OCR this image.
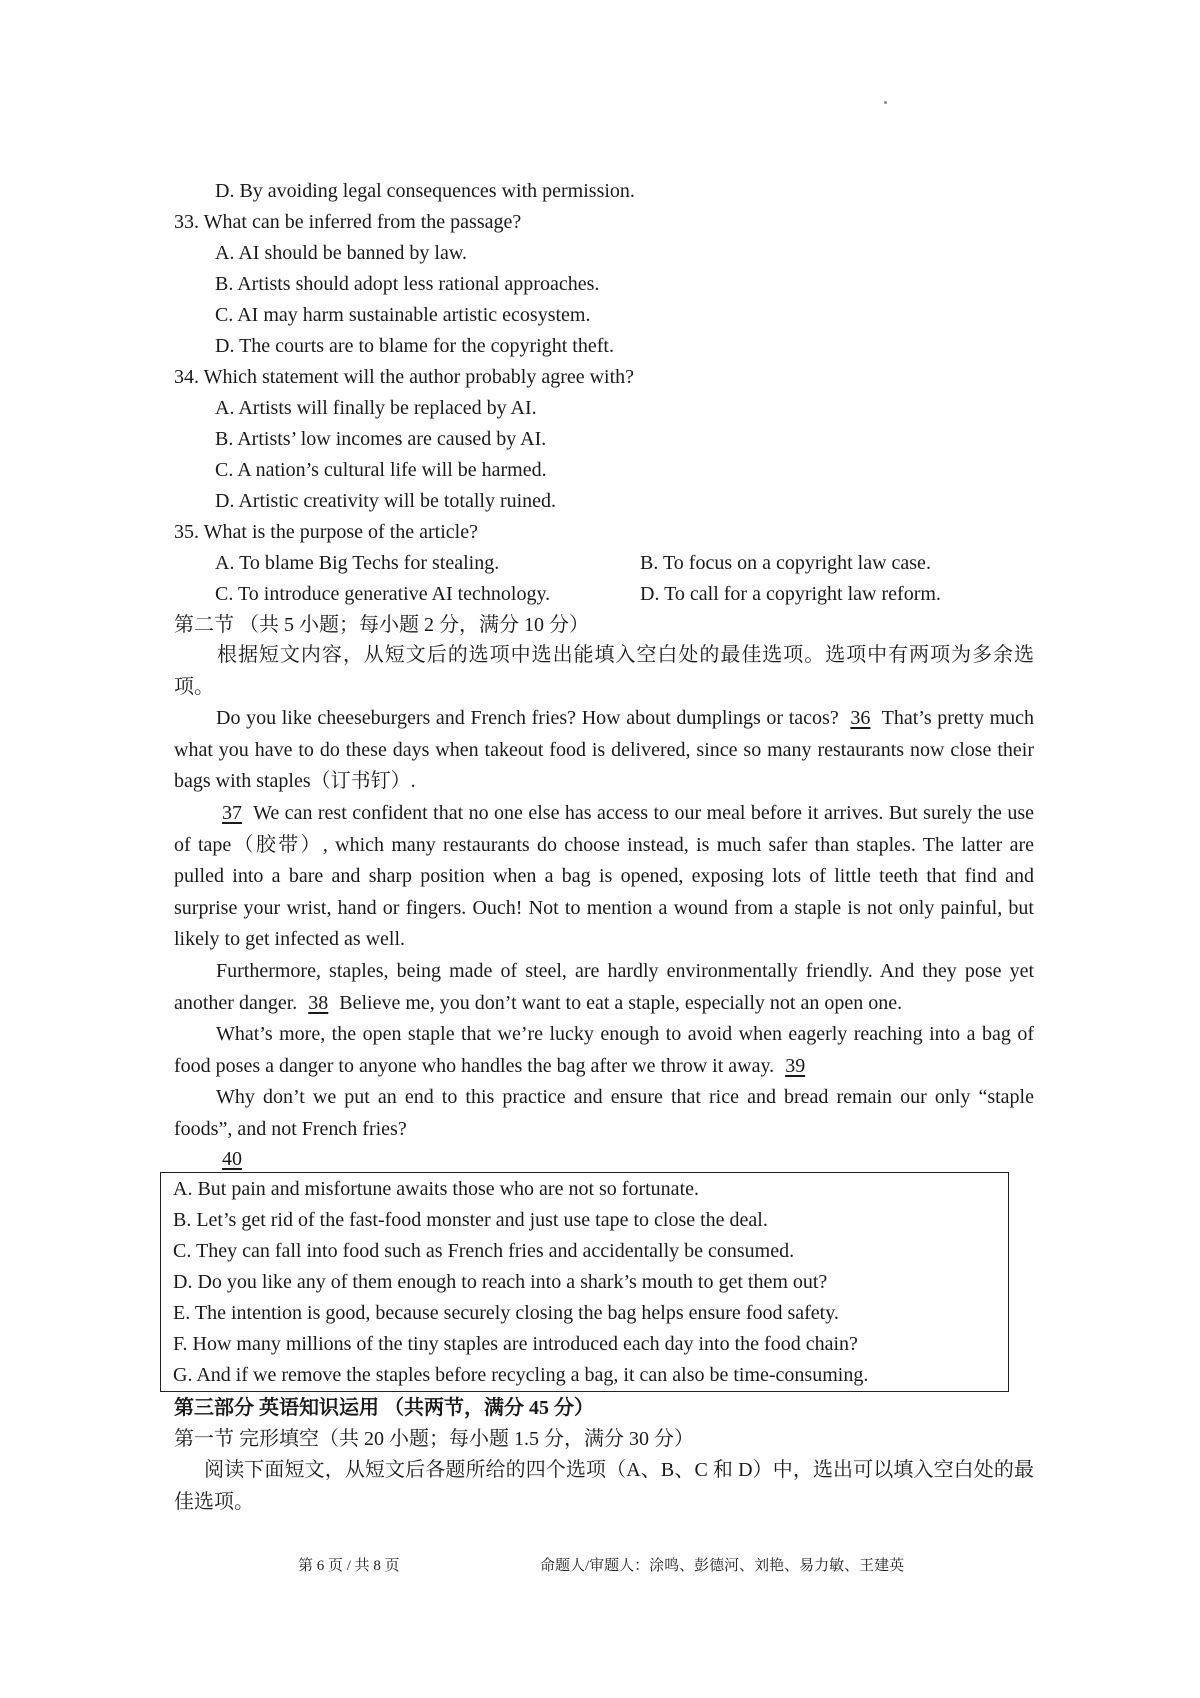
D. By avoiding legal consequences with permission.
33. What can be inferred from the passage?
A. AI should be banned by law.
B. Artists should adopt less rational approaches.
C. AI may harm sustainable artistic ecosystem.
D. The courts are to blame for the copyright theft.
34. Which statement will the author probably agree with?
A. Artists will finally be replaced by AI.
B. Artists’ low incomes are caused by AI.
C. A nation’s cultural life will be harmed.
D. Artistic creativity will be totally ruined.
35. What is the purpose of the article?
A. To blame Big Techs for stealing.	B. To focus on a copyright law case.
C. To introduce generative AI technology.	D. To call for a copyright law reform.
第二节 （共 5 小题；每小题 2 分，满分 10 分）
根据短文内容，从短文后的选项中选出能填入空白处的最佳选项。选项中有两项为多余选项。
Do you like cheeseburgers and French fries? How about dumplings or tacos? 36 That’s pretty much what you have to do these days when takeout food is delivered, since so many restaurants now close their bags with staples（订书钉）.
37 We can rest confident that no one else has access to our meal before it arrives. But surely the use of tape（胶带）, which many restaurants do choose instead, is much safer than staples. The latter are pulled into a bare and sharp position when a bag is opened, exposing lots of little teeth that find and surprise your wrist, hand or fingers. Ouch! Not to mention a wound from a staple is not only painful, but likely to get infected as well.
Furthermore, staples, being made of steel, are hardly environmentally friendly. And they pose yet another danger. 38 Believe me, you don’t want to eat a staple, especially not an open one.
What’s more, the open staple that we’re lucky enough to avoid when eagerly reaching into a bag of food poses a danger to anyone who handles the bag after we throw it away. 39
Why don’t we put an end to this practice and ensure that rice and bread remain our only “staple foods”, and not French fries?
40
A. But pain and misfortune awaits those who are not so fortunate.
B. Let’s get rid of the fast-food monster and just use tape to close the deal.
C. They can fall into food such as French fries and accidentally be consumed.
D. Do you like any of them enough to reach into a shark’s mouth to get them out?
E. The intention is good, because securely closing the bag helps ensure food safety.
F. How many millions of the tiny staples are introduced each day into the food chain?
G. And if we remove the staples before recycling a bag, it can also be time-consuming.
第三部分 英语知识运用 （共两节，满分 45 分）
第一节 完形填空（共 20 小题；每小题 1.5 分，满分 30 分）
阅读下面短文，从短文后各题所给的四个选项（A、B、C 和 D）中，选出可以填入空白处的最佳选项。
第 6 页 / 共 8 页	命题人/审题人：涂鸣、彭德河、刘艳、易力敏、王建英
